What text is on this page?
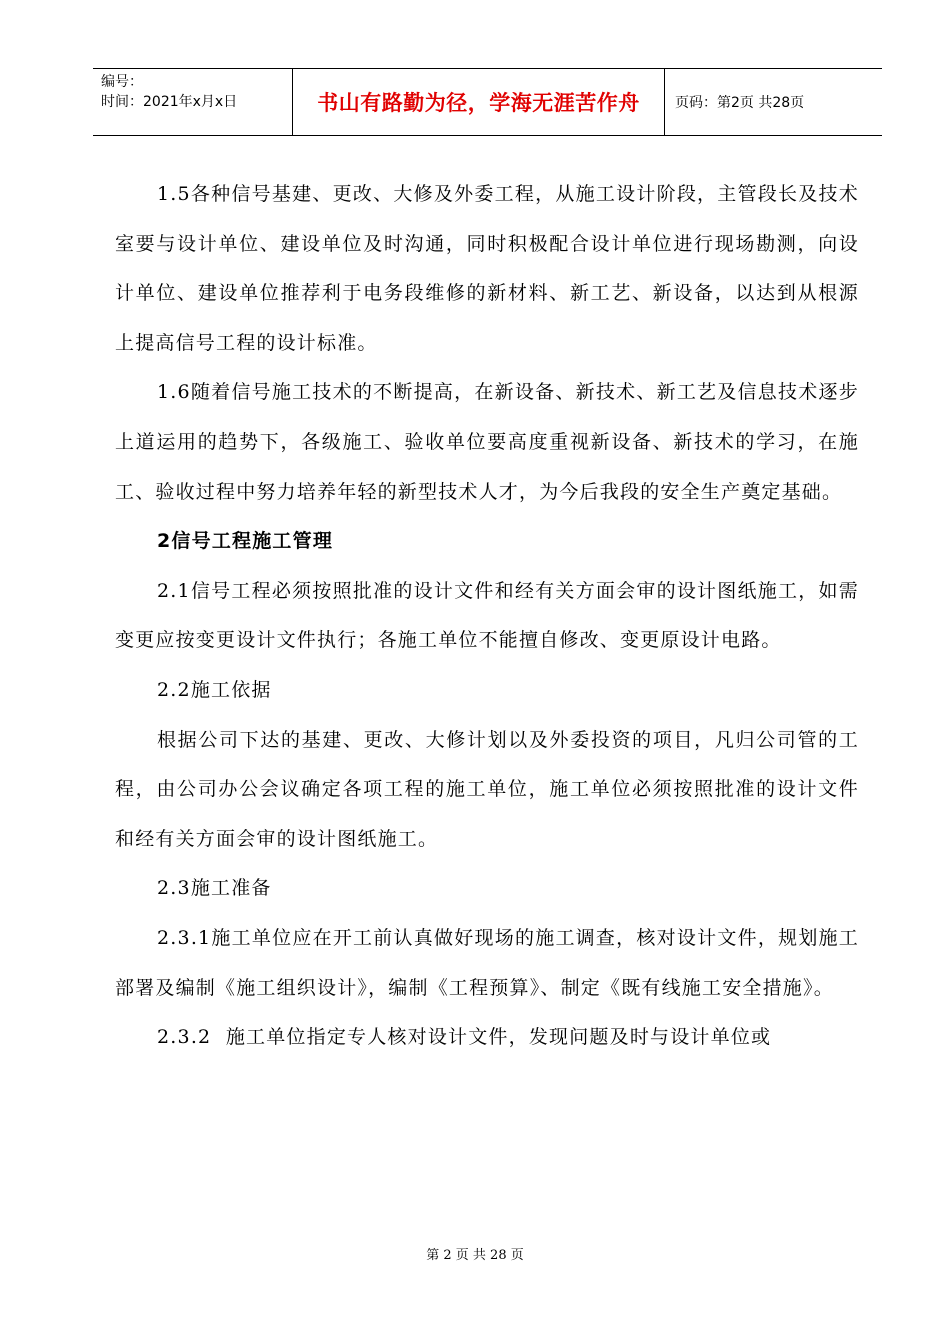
编号：
时间：2021年x月x日	书山有路勤为径，学海无涯苦作舟	页码：第2页 共28页

1.5各种信号基建、更改、大修及外委工程，从施工设计阶段，主管段长及技术室要与设计单位、建设单位及时沟通，同时积极配合设计单位进行现场勘测，向设计单位、建设单位推荐利于电务段维修的新材料、新工艺、新设备，以达到从根源上提高信号工程的设计标准。

1.6随着信号施工技术的不断提高，在新设备、新技术、新工艺及信息技术逐步上道运用的趋势下，各级施工、验收单位要高度重视新设备、新技术的学习，在施工、验收过程中努力培养年轻的新型技术人才，为今后我段的安全生产奠定基础。

2信号工程施工管理

2.1信号工程必须按照批准的设计文件和经有关方面会审的设计图纸施工，如需变更应按变更设计文件执行；各施工单位不能擅自修改、变更原设计电路。

2.2施工依据

根据公司下达的基建、更改、大修计划以及外委投资的项目，凡归公司管的工程，由公司办公会议确定各项工程的施工单位，施工单位必须按照批准的设计文件和经有关方面会审的设计图纸施工。

2.3施工准备

2.3.1施工单位应在开工前认真做好现场的施工调查，核对设计文件，规划施工部署及编制《施工组织设计》，编制《工程预算》、制定《既有线施工安全措施》。

2.3.2  施工单位指定专人核对设计文件，发现问题及时与设计单位或

第 2 页 共 28 页
